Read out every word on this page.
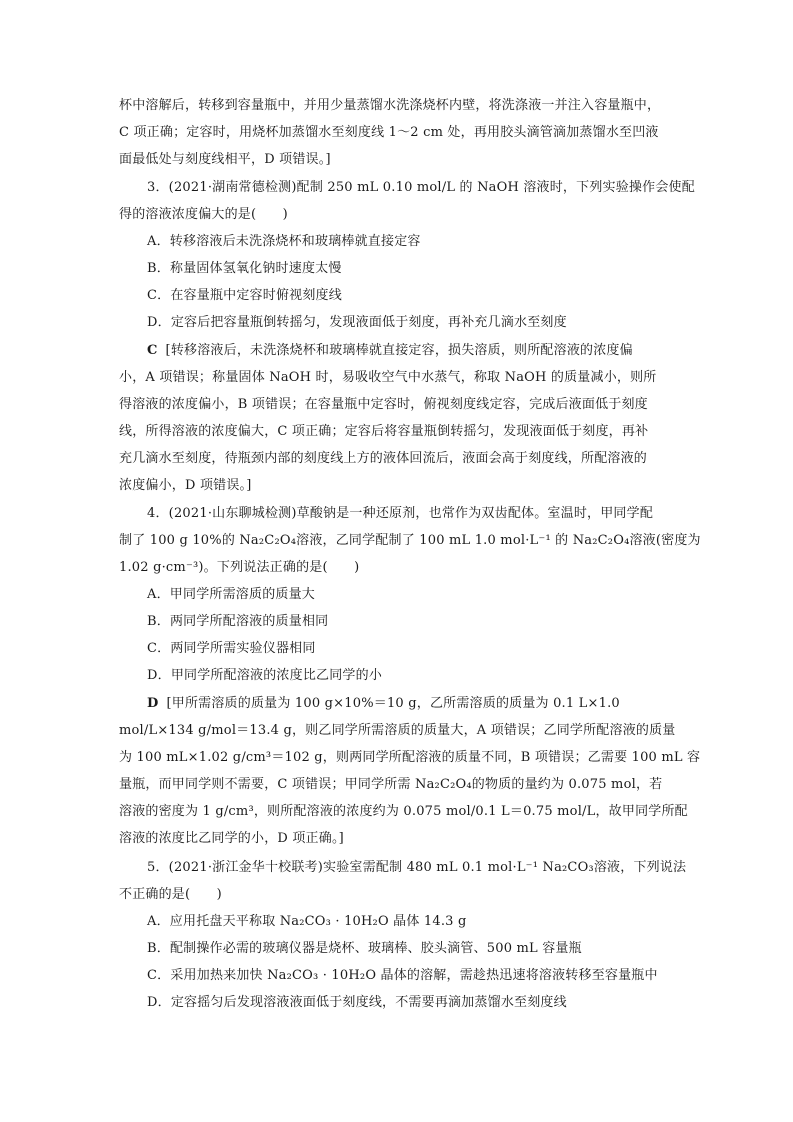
杯中溶解后，转移到容量瓶中，并用少量蒸馏水洗涤烧杯内壁，将洗涤液一并注入容量瓶中，
C 项正确；定容时，用烧杯加蒸馏水至刻度线 1～2 cm 处，再用胶头滴管滴加蒸馏水至凹液
面最低处与刻度线相平，D 项错误。]
3．(2021·湖南常德检测)配制 250 mL 0.10 mol/L 的 NaOH 溶液时，下列实验操作会使配
得的溶液浓度偏大的是(　　)
A．转移溶液后未洗涤烧杯和玻璃棒就直接定容
B．称量固体氢氧化钠时速度太慢
C．在容量瓶中定容时俯视刻度线
D．定容后把容量瓶倒转摇匀，发现液面低于刻度，再补充几滴水至刻度
C [转移溶液后，未洗涤烧杯和玻璃棒就直接定容，损失溶质，则所配溶液的浓度偏
小，A 项错误；称量固体 NaOH 时，易吸收空气中水蒸气，称取 NaOH 的质量减小，则所
得溶液的浓度偏小，B 项错误；在容量瓶中定容时，俯视刻度线定容，完成后液面低于刻度
线，所得溶液的浓度偏大，C 项正确；定容后将容量瓶倒转摇匀，发现液面低于刻度，再补
充几滴水至刻度，待瓶颈内部的刻度线上方的液体回流后，液面会高于刻度线，所配溶液的
浓度偏小，D 项错误。]
4．(2021·山东聊城检测)草酸钠是一种还原剂，也常作为双齿配体。室温时，甲同学配
制了 100 g 10%的 Na₂C₂O₄溶液，乙同学配制了 100 mL 1.0 mol·L⁻¹ 的 Na₂C₂O₄溶液(密度为
1.02 g·cm⁻³)。下列说法正确的是(　　)
A．甲同学所需溶质的质量大
B．两同学所配溶液的质量相同
C．两同学所需实验仪器相同
D．甲同学所配溶液的浓度比乙同学的小
D [甲所需溶质的质量为 100 g×10%＝10 g，乙所需溶质的质量为 0.1 L×1.0
mol/L×134 g/mol＝13.4 g，则乙同学所需溶质的质量大，A 项错误；乙同学所配溶液的质量
为 100 mL×1.02 g/cm³＝102 g，则两同学所配溶液的质量不同，B 项错误；乙需要 100 mL 容
量瓶，而甲同学则不需要，C 项错误；甲同学所需 Na₂C₂O₄的物质的量约为 0.075 mol，若
溶液的密度为 1 g/cm³，则所配溶液的浓度约为 0.075 mol/0.1 L＝0.75 mol/L，故甲同学所配
溶液的浓度比乙同学的小，D 项正确。]
5．(2021·浙江金华十校联考)实验室需配制 480 mL 0.1 mol·L⁻¹ Na₂CO₃溶液，下列说法
不正确的是(　　)
A．应用托盘天平称取 Na₂CO₃ · 10H₂O 晶体 14.3 g
B．配制操作必需的玻璃仪器是烧杯、玻璃棒、胶头滴管、500 mL 容量瓶
C．采用加热来加快 Na₂CO₃ · 10H₂O 晶体的溶解，需趁热迅速将溶液转移至容量瓶中
D．定容摇匀后发现溶液液面低于刻度线，不需要再滴加蒸馏水至刻度线
